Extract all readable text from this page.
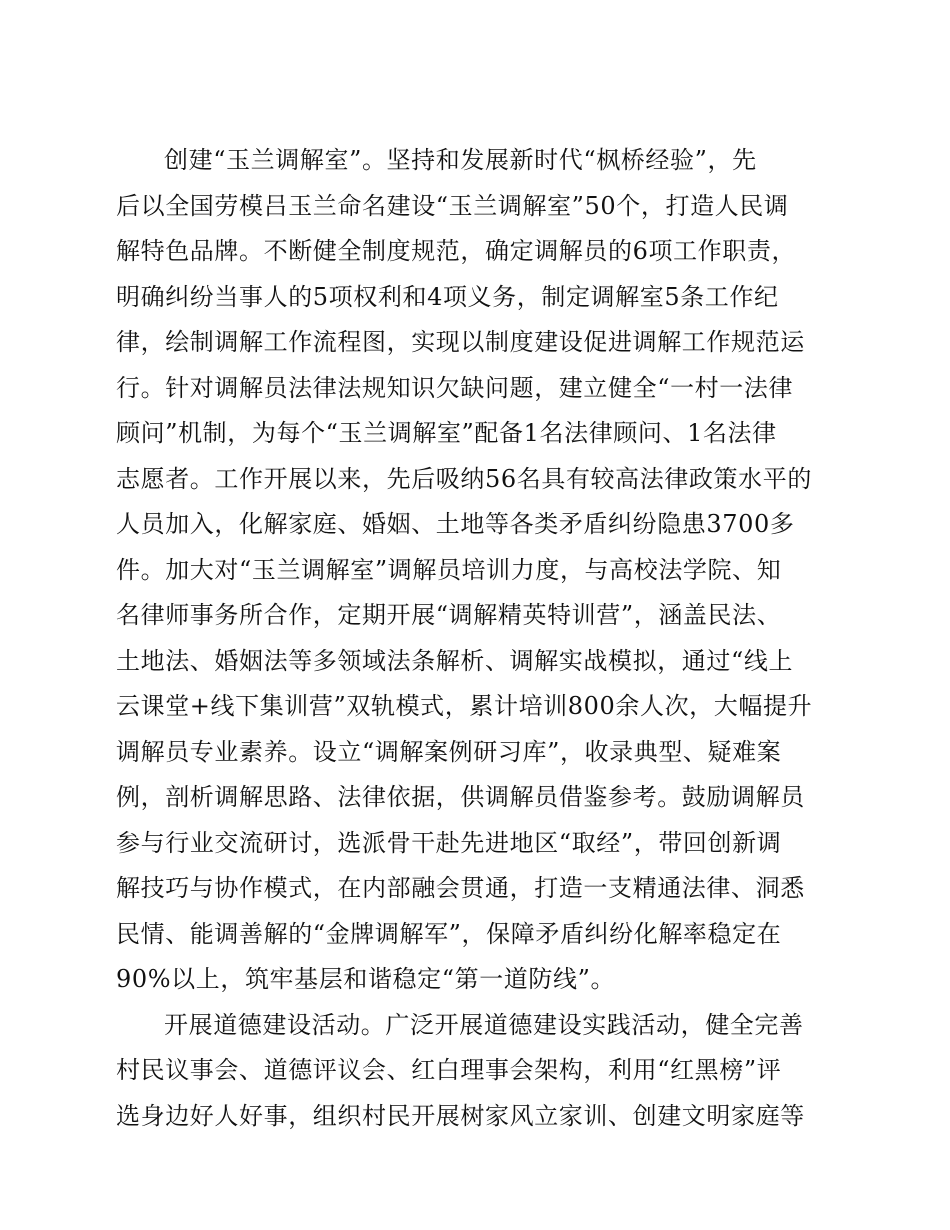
创建“玉兰调解室”。坚持和发展新时代“枫桥经验”，先
后以全国劳模吕玉兰命名建设“玉兰调解室”50个，打造人民调
解特色品牌。不断健全制度规范，确定调解员的6项工作职责，
明确纠纷当事人的5项权利和4项义务，制定调解室5条工作纪
律，绘制调解工作流程图，实现以制度建设促进调解工作规范运
行。针对调解员法律法规知识欠缺问题，建立健全“一村一法律
顾问”机制，为每个“玉兰调解室”配备1名法律顾问、1名法律
志愿者。工作开展以来，先后吸纳56名具有较高法律政策水平的
人员加入，化解家庭、婚姻、土地等各类矛盾纠纷隐患3700多
件。加大对“玉兰调解室”调解员培训力度，与高校法学院、知
名律师事务所合作，定期开展“调解精英特训营”，涵盖民法、
土地法、婚姻法等多领域法条解析、调解实战模拟，通过“线上
云课堂+线下集训营”双轨模式，累计培训800余人次，大幅提升
调解员专业素养。设立“调解案例研习库”，收录典型、疑难案
例，剖析调解思路、法律依据，供调解员借鉴参考。鼓励调解员
参与行业交流研讨，选派骨干赴先进地区“取经”，带回创新调
解技巧与协作模式，在内部融会贯通，打造一支精通法律、洞悉
民情、能调善解的“金牌调解军”，保障矛盾纠纷化解率稳定在
90%以上，筑牢基层和谐稳定“第一道防线”。
开展道德建设活动。广泛开展道德建设实践活动，健全完善
村民议事会、道德评议会、红白理事会架构，利用“红黑榜”评
选身边好人好事，组织村民开展树家风立家训、创建文明家庭等
